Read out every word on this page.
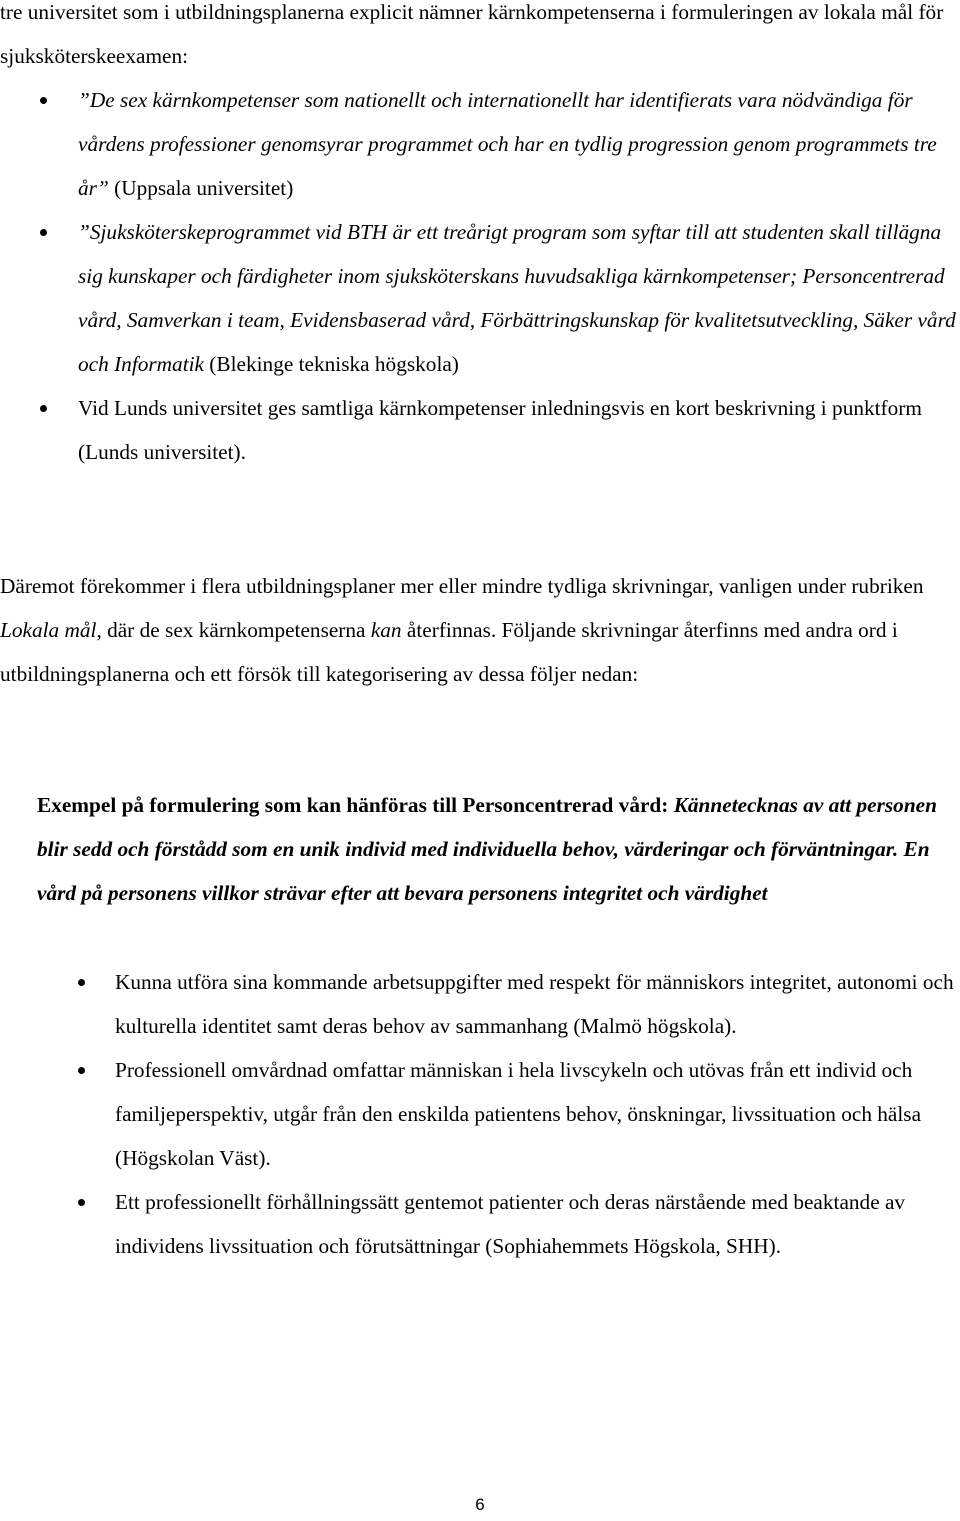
tre universitet som i utbildningsplanerna explicit nämner kärnkompetenserna i formuleringen av lokala mål för sjuksköterskeexamen:

”De sex kärnkompetenser som nationellt och internationellt har identifierats vara nödvändiga för vårdens professioner genomsyrar programmet och har en tydlig progression genom programmets tre år” (Uppsala universitet)
”Sjuksköterskeprogrammet vid BTH är ett treårigt program som syftar till att studenten skall tillägna sig kunskaper och färdigheter inom sjuksköterskans huvudsakliga kärnkompetenser; Personcentrerad vård, Samverkan i team, Evidensbaserad vård, Förbättringskunskap för kvalitetsutveckling, Säker vård och Informatik (Blekinge tekniska högskola)
Vid Lunds universitet ges samtliga kärnkompetenser inledningsvis en kort beskrivning i punktform (Lunds universitet).

Däremot förekommer i flera utbildningsplaner mer eller mindre tydliga skrivningar, vanligen under rubriken Lokala mål, där de sex kärnkompetenserna kan återfinnas. Följande skrivningar återfinns med andra ord i utbildningsplanerna och ett försök till kategorisering av dessa följer nedan:

Exempel på formulering som kan hänföras till Personcentrerad vård: Kännetecknas av att personen blir sedd och förstådd som en unik individ med individuella behov, värderingar och förväntningar. En vård på personens villkor strävar efter att bevara personens integritet och värdighet

Kunna utföra sina kommande arbetsuppgifter med respekt för människors integritet, autonomi och kulturella identitet samt deras behov av sammanhang (Malmö högskola).
Professionell omvårdnad omfattar människan i hela livscykeln och utövas från ett individ och familjeperspektiv, utgår från den enskilda patientens behov, önskningar, livssituation och hälsa (Högskolan Väst).
Ett professionellt förhållningssätt gentemot patienter och deras närstående med beaktande av individens livssituation och förutsättningar (Sophiahemmets Högskola, SHH).
6
